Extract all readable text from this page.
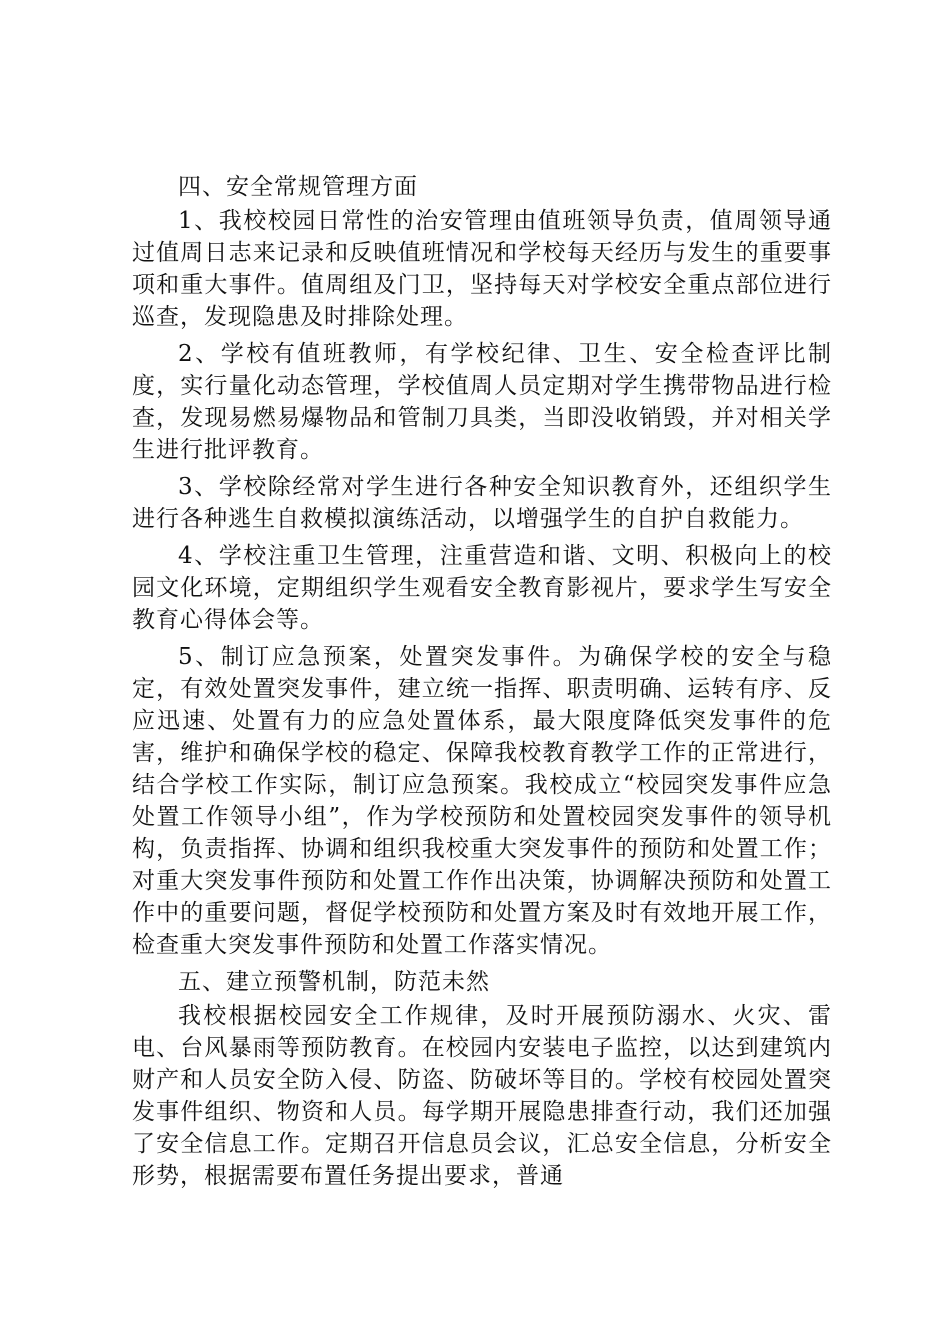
四、安全常规管理方面

1、我校校园日常性的治安管理由值班领导负责，值周领导通过值周日志来记录和反映值班情况和学校每天经历与发生的重要事项和重大事件。值周组及门卫，坚持每天对学校安全重点部位进行巡查，发现隐患及时排除处理。

2、学校有值班教师，有学校纪律、卫生、安全检查评比制度，实行量化动态管理，学校值周人员定期对学生携带物品进行检查，发现易燃易爆物品和管制刀具类，当即没收销毁，并对相关学生进行批评教育。

3、学校除经常对学生进行各种安全知识教育外，还组织学生进行各种逃生自救模拟演练活动，以增强学生的自护自救能力。

4、学校注重卫生管理，注重营造和谐、文明、积极向上的校园文化环境，定期组织学生观看安全教育影视片，要求学生写安全教育心得体会等。

5、制订应急预案，处置突发事件。为确保学校的安全与稳定，有效处置突发事件，建立统一指挥、职责明确、运转有序、反应迅速、处置有力的应急处置体系，最大限度降低突发事件的危害，维护和确保学校的稳定、保障我校教育教学工作的正常进行，结合学校工作实际，制订应急预案。我校成立“校园突发事件应急处置工作领导小组”，作为学校预防和处置校园突发事件的领导机构，负责指挥、协调和组织我校重大突发事件的预防和处置工作；对重大突发事件预防和处置工作作出决策，协调解决预防和处置工作中的重要问题，督促学校预防和处置方案及时有效地开展工作，检查重大突发事件预防和处置工作落实情况。

五、建立预警机制，防范未然

我校根据校园安全工作规律，及时开展预防溺水、火灾、雷电、台风暴雨等预防教育。在校园内安装电子监控，以达到建筑内财产和人员安全防入侵、防盗、防破坏等目的。学校有校园处置突发事件组织、物资和人员。每学期开展隐患排查行动，我们还加强了安全信息工作。定期召开信息员会议，汇总安全信息，分析安全形势，根据需要布置任务提出要求，普通
